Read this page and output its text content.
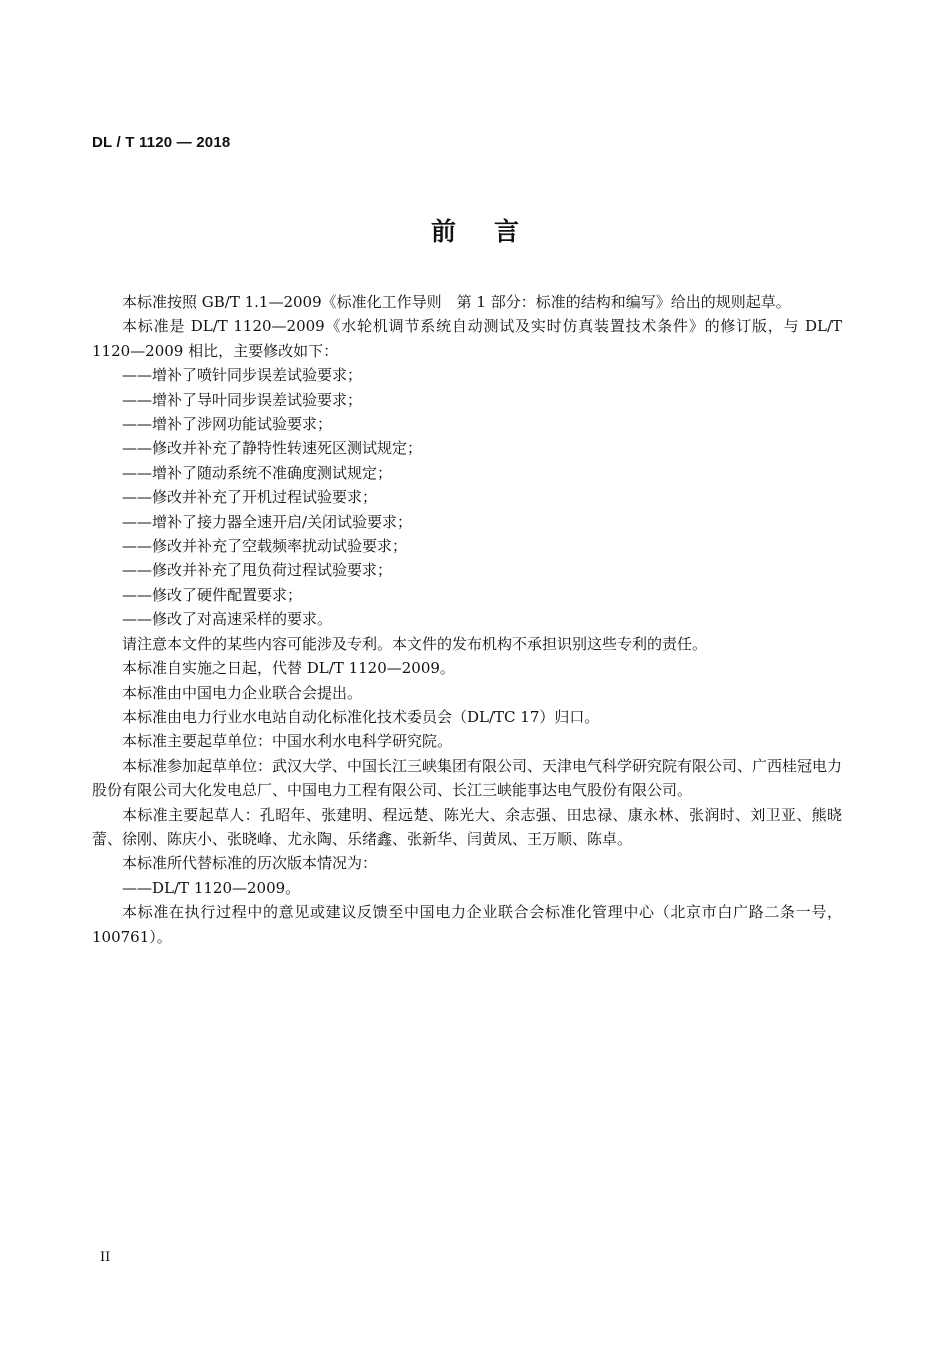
DL / T 1120 — 2018
前言

本标准按照 GB/T 1.1—2009《标准化工作导则　第 1 部分：标准的结构和编写》给出的规则起草。

本标准是 DL/T 1120—2009《水轮机调节系统自动测试及实时仿真装置技术条件》的修订版，与 DL/T 1120—2009 相比，主要修改如下：

——增补了喷针同步误差试验要求；

——增补了导叶同步误差试验要求；

——增补了涉网功能试验要求；

——修改并补充了静特性转速死区测试规定；

——增补了随动系统不准确度测试规定；

——修改并补充了开机过程试验要求；

——增补了接力器全速开启/关闭试验要求；

——修改并补充了空载频率扰动试验要求；

——修改并补充了甩负荷过程试验要求；

——修改了硬件配置要求；

——修改了对高速采样的要求。

请注意本文件的某些内容可能涉及专利。本文件的发布机构不承担识别这些专利的责任。

本标准自实施之日起，代替 DL/T 1120—2009。

本标准由中国电力企业联合会提出。

本标准由电力行业水电站自动化标准化技术委员会（DL/TC 17）归口。

本标准主要起草单位：中国水利水电科学研究院。

本标准参加起草单位：武汉大学、中国长江三峡集团有限公司、天津电气科学研究院有限公司、广西桂冠电力股份有限公司大化发电总厂、中国电力工程有限公司、长江三峡能事达电气股份有限公司。

本标准主要起草人：孔昭年、张建明、程远楚、陈光大、余志强、田忠禄、康永林、张润时、刘卫亚、熊晓蕾、徐刚、陈庆小、张晓峰、尤永陶、乐绪鑫、张新华、闫黄凤、王万顺、陈卓。

本标准所代替标准的历次版本情况为：

——DL/T 1120—2009。

本标准在执行过程中的意见或建议反馈至中国电力企业联合会标准化管理中心（北京市白广路二条一号，100761）。

II
